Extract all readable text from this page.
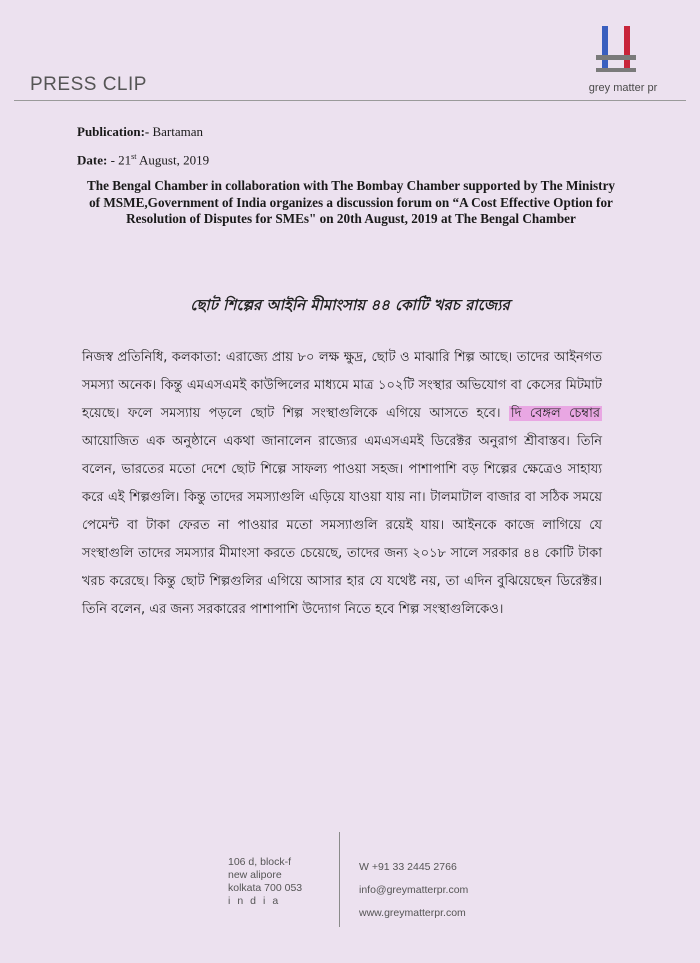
PRESS CLIP	grey matter pr
Publication:- Bartaman
Date: - 21st August, 2019
The Bengal Chamber in collaboration with The Bombay Chamber supported by The Ministry of MSME,Government of India organizes a discussion forum on “A Cost Effective Option for Resolution of Disputes for SMEs" on 20th August, 2019 at The Bengal Chamber
ছোট শিল্পের আইনি মীমাংসায় ৪৪ কোটি খরচ রাজ্যের
নিজস্ব প্রতিনিধি, কলকাতা: এরাজ্যে প্রায় ৮০ লক্ষ ক্ষুদ্র, ছোট ও মাঝারি শিল্প আছে। তাদের আইনগত সমস্যা অনেক। কিন্তু এমএসএমই কাউন্সিলের মাধ্যমে মাত্র ১০২টি সংস্থার অভিযোগ বা কেসের মিটমাট হয়েছে। ফলে সমস্যায় পড়লে ছোট শিল্প সংস্থাগুলিকে এগিয়ে আসতে হবে। দি বেঙ্গল চেম্বার আয়োজিত এক অনুষ্ঠানে একথা জানালেন রাজ্যের এমএসএমই ডিরেক্টর অনুরাগ শ্রীবাস্তব। তিনি বলেন, ভারতের মতো দেশে ছোট শিল্পে সাফল্য পাওয়া সহজ। পাশাপাশি বড় শিল্পের ক্ষেত্রেও সাহায্য করে এই শিল্পগুলি। কিন্তু তাদের সমস্যাগুলি এড়িয়ে যাওয়া যায় না। টালমাটাল বাজার বা সঠিক সময়ে পেমেন্ট বা টাকা ফেরত না পাওয়ার মতো সমস্যাগুলি রয়েই যায়। আইনকে কাজে লাগিয়ে যে সংস্থাগুলি তাদের সমস্যার মীমাংসা করতে চেয়েছে, তাদের জন্য ২০১৮ সালে সরকার ৪৪ কোটি টাকা খরচ করেছে। কিন্তু ছোট শিল্পগুলির এগিয়ে আসার হার যে যথেষ্ট নয়, তা এদিন বুঝিয়েছেন ডিরেক্টর। তিনি বলেন, এর জন্য সরকারের পাশাপাশি উদ্যোগ নিতে হবে শিল্প সংস্থাগুলিকেও।
106 d, block-f
new alipore
kolkata 700 053
india
W +91 33 2445 2766
info@greymatterpr.com
www.greymatterpr.com
